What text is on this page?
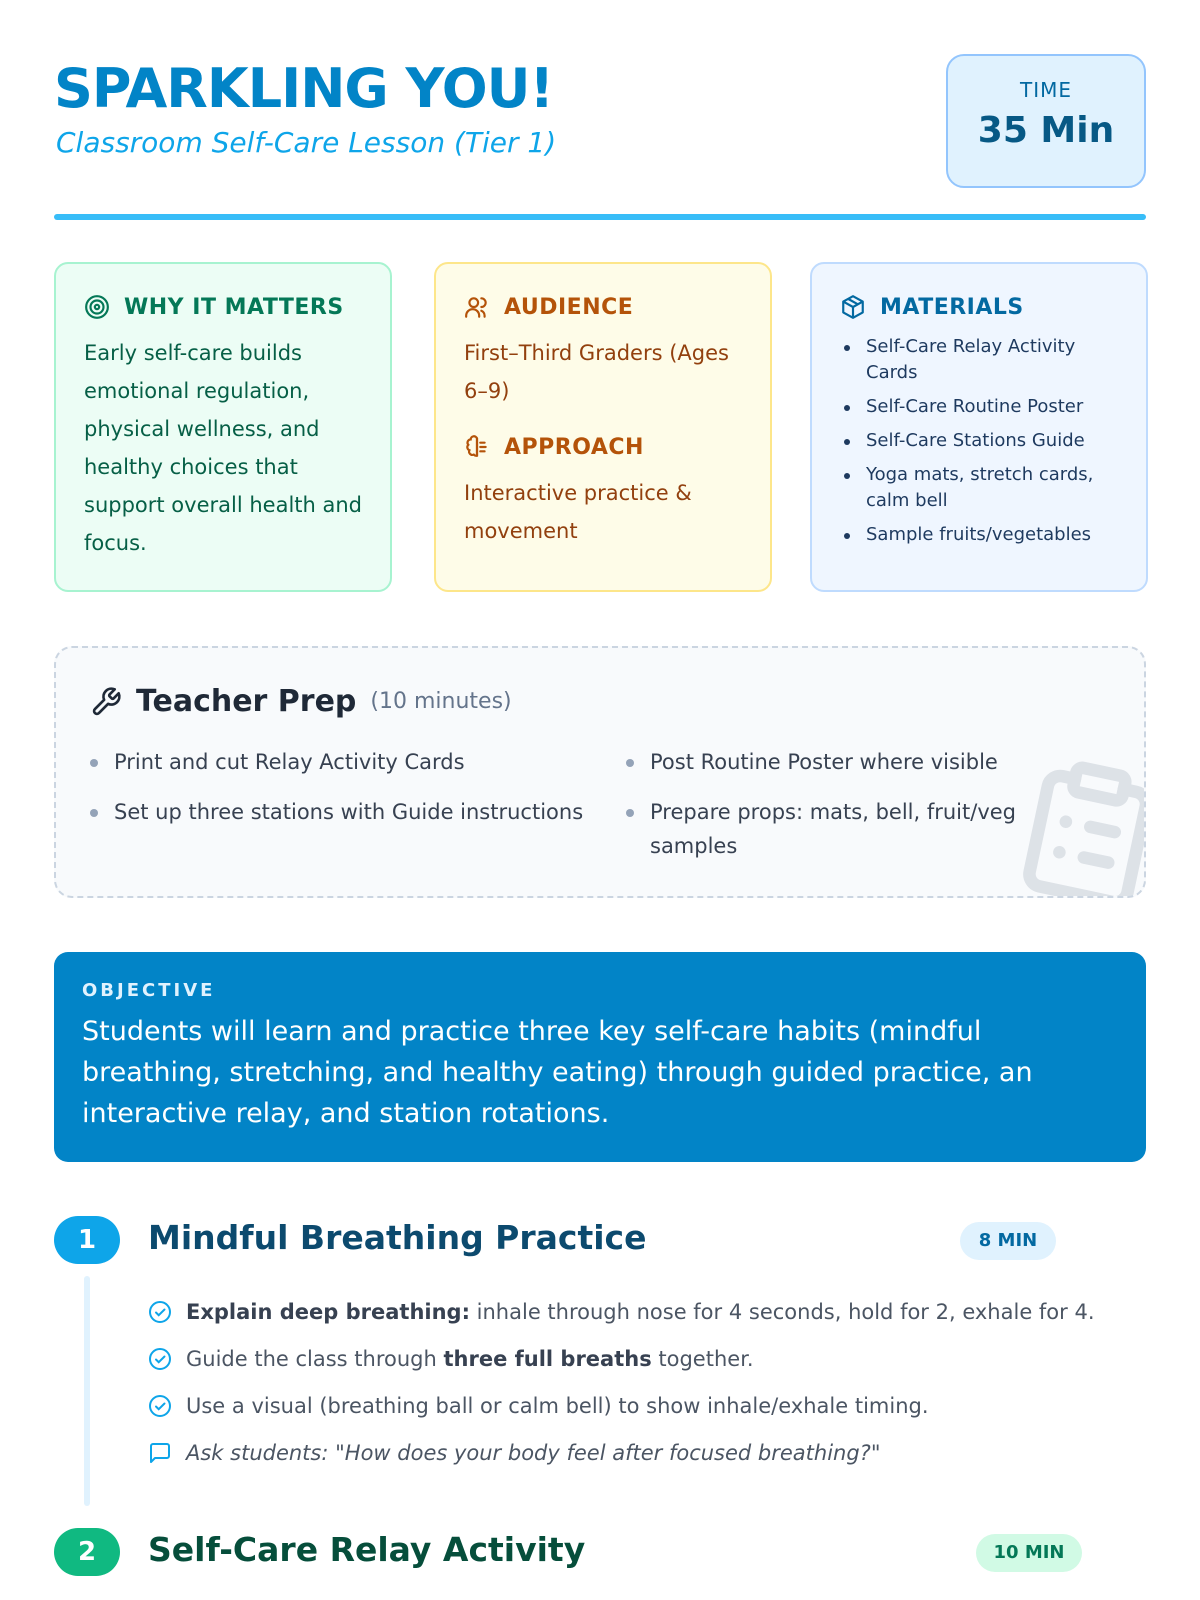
SPARKLING YOU!
Classroom Self-Care Lesson (Tier 1)
TIME
35 Min
WHY IT MATTERS
Early self-care builds emotional regulation, physical wellness, and healthy choices that support overall health and focus.
AUDIENCE
First–Third Graders (Ages 6–9)
APPROACH
Interactive practice & movement
MATERIALS
Self-Care Relay Activity Cards
Self-Care Routine Poster
Self-Care Stations Guide
Yoga mats, stretch cards, calm bell
Sample fruits/vegetables
Teacher Prep (10 minutes)
Print and cut Relay Activity Cards	Post Routine Poster where visible
Set up three stations with Guide instructions	Prepare props: mats, bell, fruit/veg samples
OBJECTIVE
Students will learn and practice three key self-care habits (mindful breathing, stretching, and healthy eating) through guided practice, an interactive relay, and station rotations.
1	Mindful Breathing Practice	8 MIN
Explain deep breathing: inhale through nose for 4 seconds, hold for 2, exhale for 4.
Guide the class through three full breaths together.
Use a visual (breathing ball or calm bell) to show inhale/exhale timing.
Ask students: "How does your body feel after focused breathing?"
2	Self-Care Relay Activity	10 MIN
